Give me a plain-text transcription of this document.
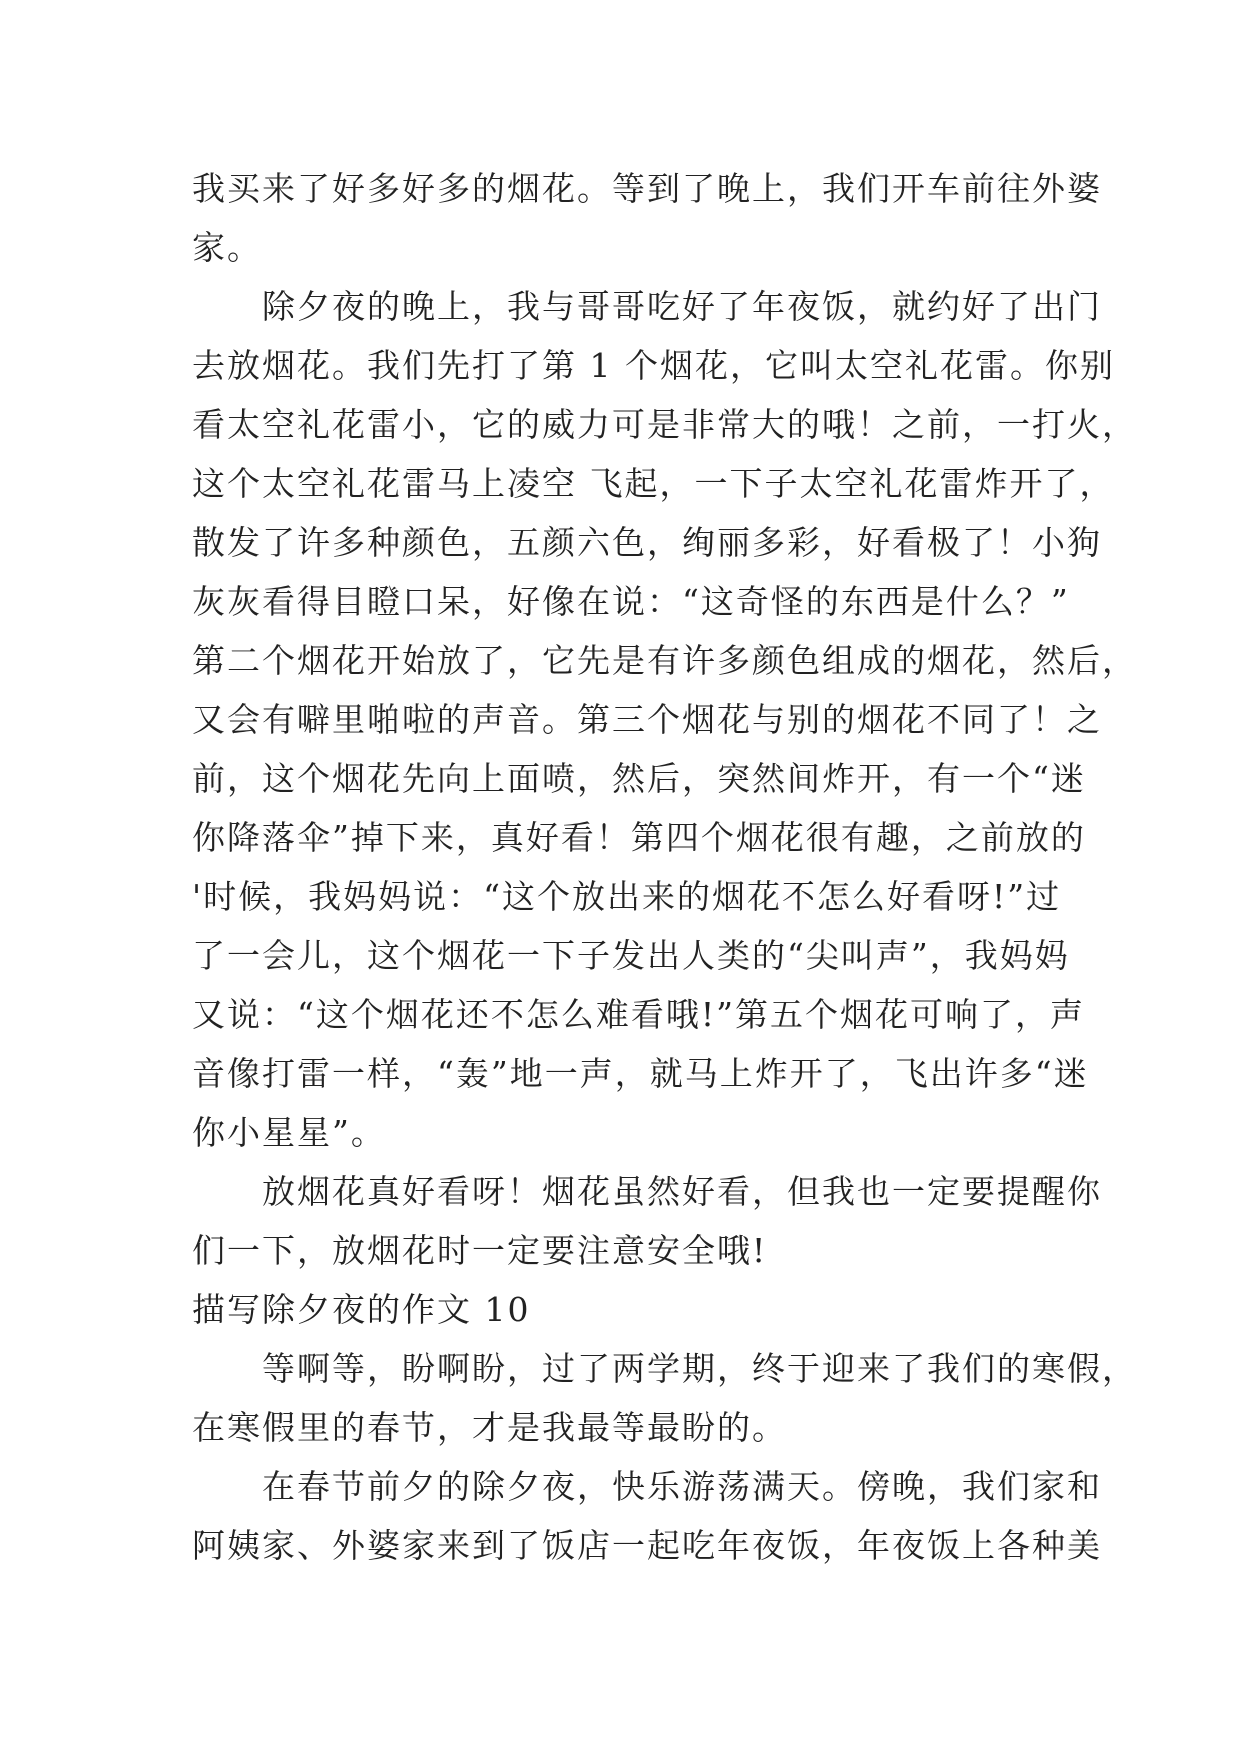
我买来了好多好多的烟花。等到了晚上，我们开车前往外婆
家。
　　除夕夜的晚上，我与哥哥吃好了年夜饭，就约好了出门
去放烟花。我们先打了第 1 个烟花，它叫太空礼花雷。你别
看太空礼花雷小，它的威力可是非常大的哦！之前，一打火，
这个太空礼花雷马上凌空 飞起，一下子太空礼花雷炸开了，
散发了许多种颜色，五颜六色，绚丽多彩，好看极了！小狗
灰灰看得目瞪口呆，好像在说：“这奇怪的东西是什么？”
第二个烟花开始放了，它先是有许多颜色组成的烟花，然后，
又会有噼里啪啦的声音。第三个烟花与别的烟花不同了！之
前，这个烟花先向上面喷，然后，突然间炸开，有一个“迷
你降落伞”掉下来，真好看！第四个烟花很有趣，之前放的
'时候，我妈妈说：“这个放出来的烟花不怎么好看呀!”过
了一会儿，这个烟花一下子发出人类的“尖叫声”，我妈妈
又说：“这个烟花还不怎么难看哦!”第五个烟花可响了，声
音像打雷一样，“轰”地一声，就马上炸开了，飞出许多“迷
你小星星”。
　　放烟花真好看呀！烟花虽然好看，但我也一定要提醒你
们一下，放烟花时一定要注意安全哦!
描写除夕夜的作文 10
　　等啊等，盼啊盼，过了两学期，终于迎来了我们的寒假，
在寒假里的春节，才是我最等最盼的。
　　在春节前夕的除夕夜，快乐游荡满天。傍晚，我们家和
阿姨家、外婆家来到了饭店一起吃年夜饭，年夜饭上各种美
